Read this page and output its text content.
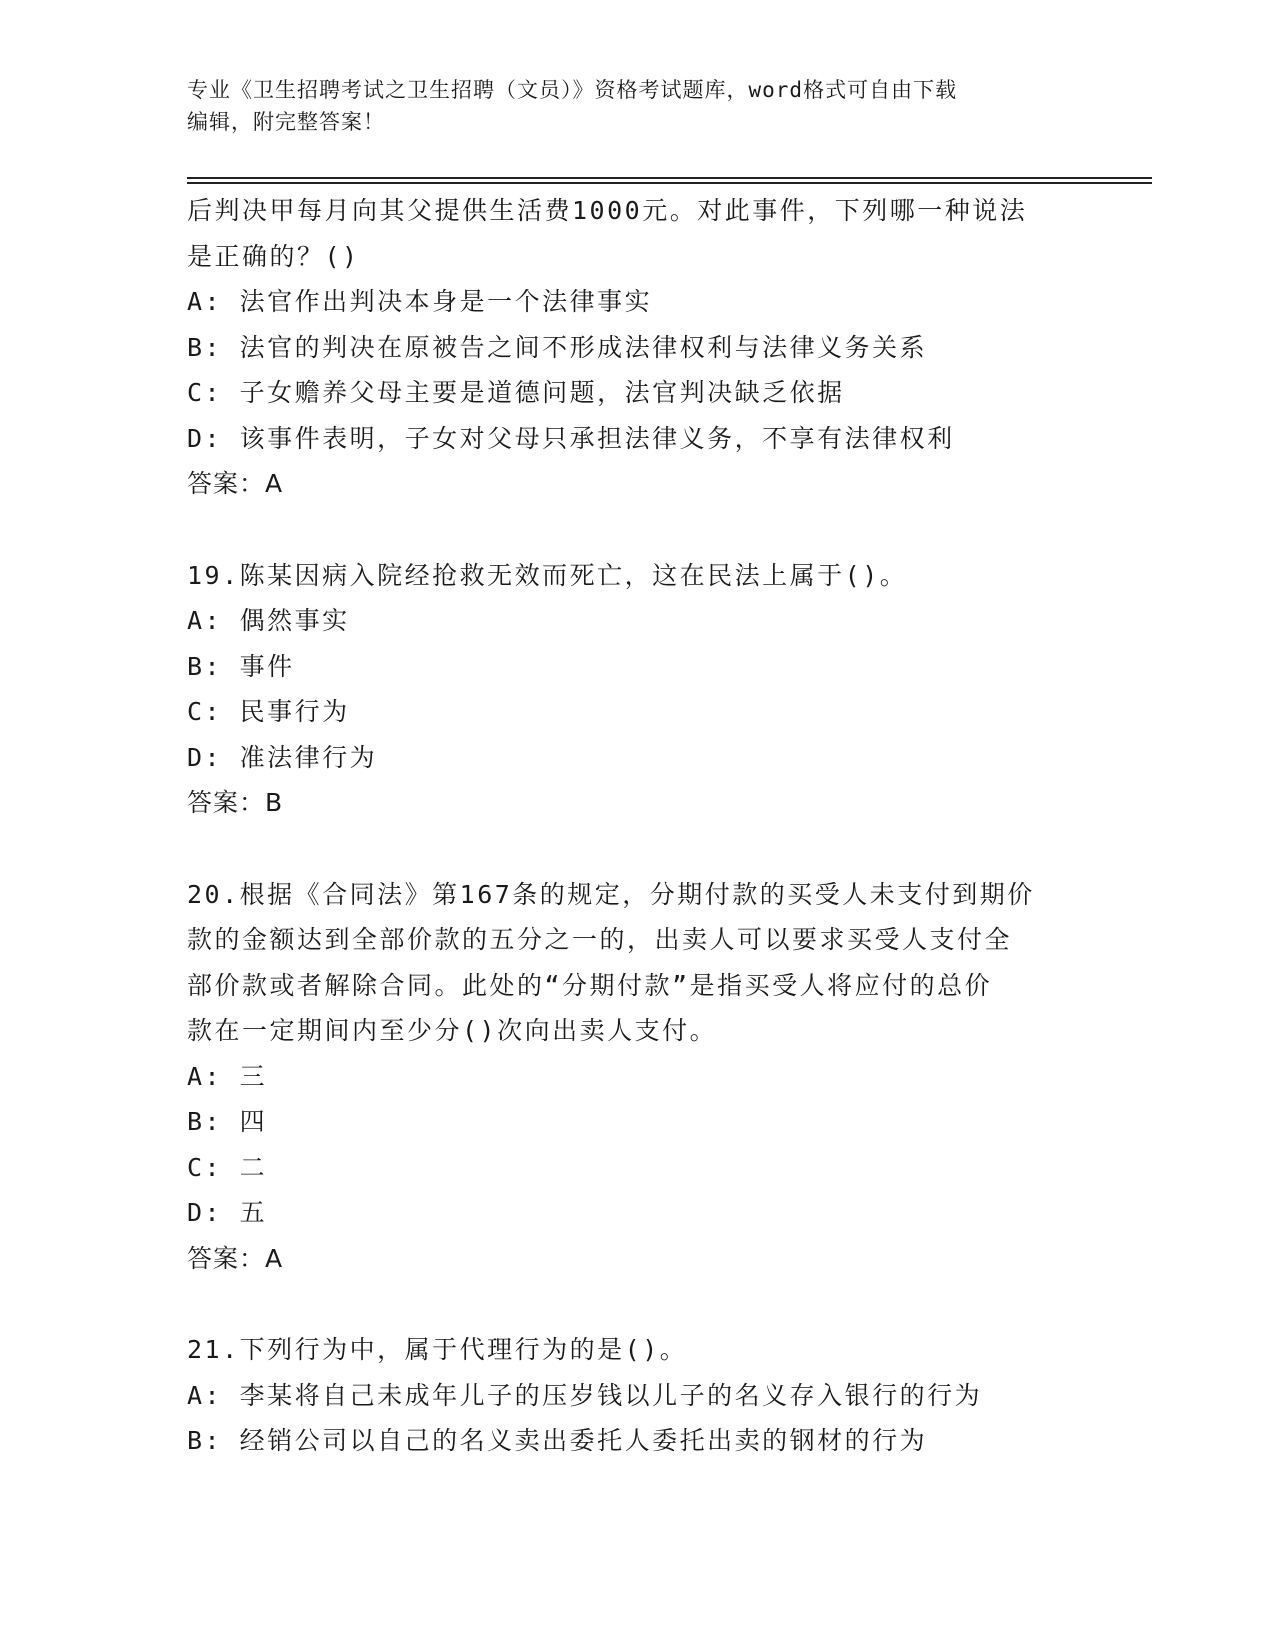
专业《卫生招聘考试之卫生招聘（文员）》资格考试题库，word格式可自由下载
编辑，附完整答案！
后判决甲每月向其父提供生活费1000元。对此事件，下列哪一种说法
是正确的？()
A: 法官作出判决本身是一个法律事实
B: 法官的判决在原被告之间不形成法律权利与法律义务关系
C: 子女赡养父母主要是道德问题，法官判决缺乏依据
D: 该事件表明，子女对父母只承担法律义务，不享有法律权利
答案：A
19.陈某因病入院经抢救无效而死亡，这在民法上属于()。
A: 偶然事实
B: 事件
C: 民事行为
D: 准法律行为
答案：B
20.根据《合同法》第167条的规定，分期付款的买受人未支付到期价
款的金额达到全部价款的五分之一的，出卖人可以要求买受人支付全
部价款或者解除合同。此处的“分期付款”是指买受人将应付的总价
款在一定期间内至少分()次向出卖人支付。
A: 三
B: 四
C: 二
D: 五
答案：A
21.下列行为中，属于代理行为的是()。
A: 李某将自己未成年儿子的压岁钱以儿子的名义存入银行的行为
B: 经销公司以自己的名义卖出委托人委托出卖的钢材的行为
